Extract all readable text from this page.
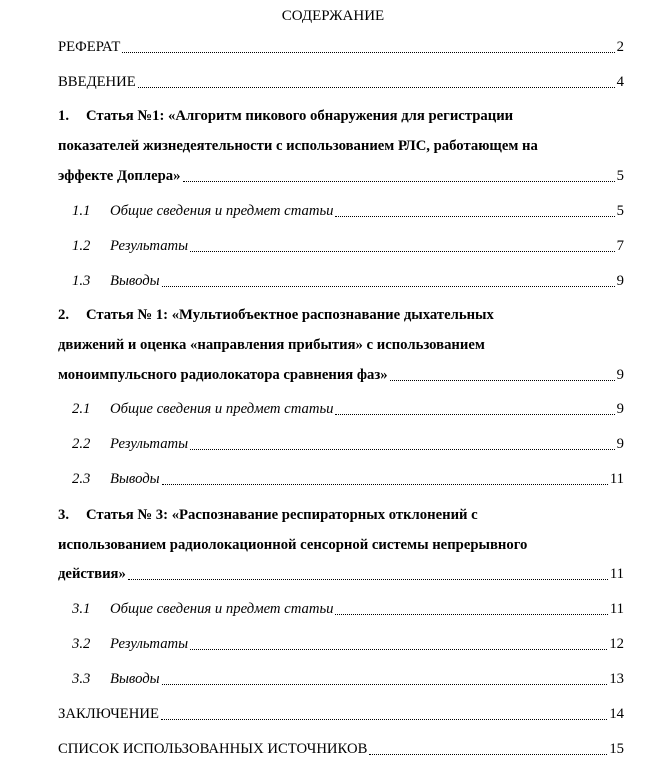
СОДЕРЖАНИЕ
РЕФЕРАТ	2
ВВЕДЕНИЕ	4
1. Статья №1: «Алгоритм пикового обнаружения для регистрации
показателей жизнедеятельности с использованием РЛС, работающем на
эффекте Доплера»	5
1.1	Общие сведения и предмет статьи	5
1.2	Результаты	7
1.3	Выводы	9
2. Статья № 1: «Мультиобъектное распознавание дыхательных
движений и оценка «направления прибытия» с использованием
моноимпульсного радиолокатора сравнения фаз»	9
2.1	Общие сведения и предмет статьи	9
2.2	Результаты	9
2.3	Выводы	11
3. Статья № 3: «Распознавание респираторных отклонений с
использованием радиолокационной сенсорной системы непрерывного
действия»	11
3.1	Общие сведения и предмет статьи	11
3.2	Результаты	12
3.3	Выводы	13
ЗАКЛЮЧЕНИЕ	14
СПИСОК ИСПОЛЬЗОВАННЫХ ИСТОЧНИКОВ	15
